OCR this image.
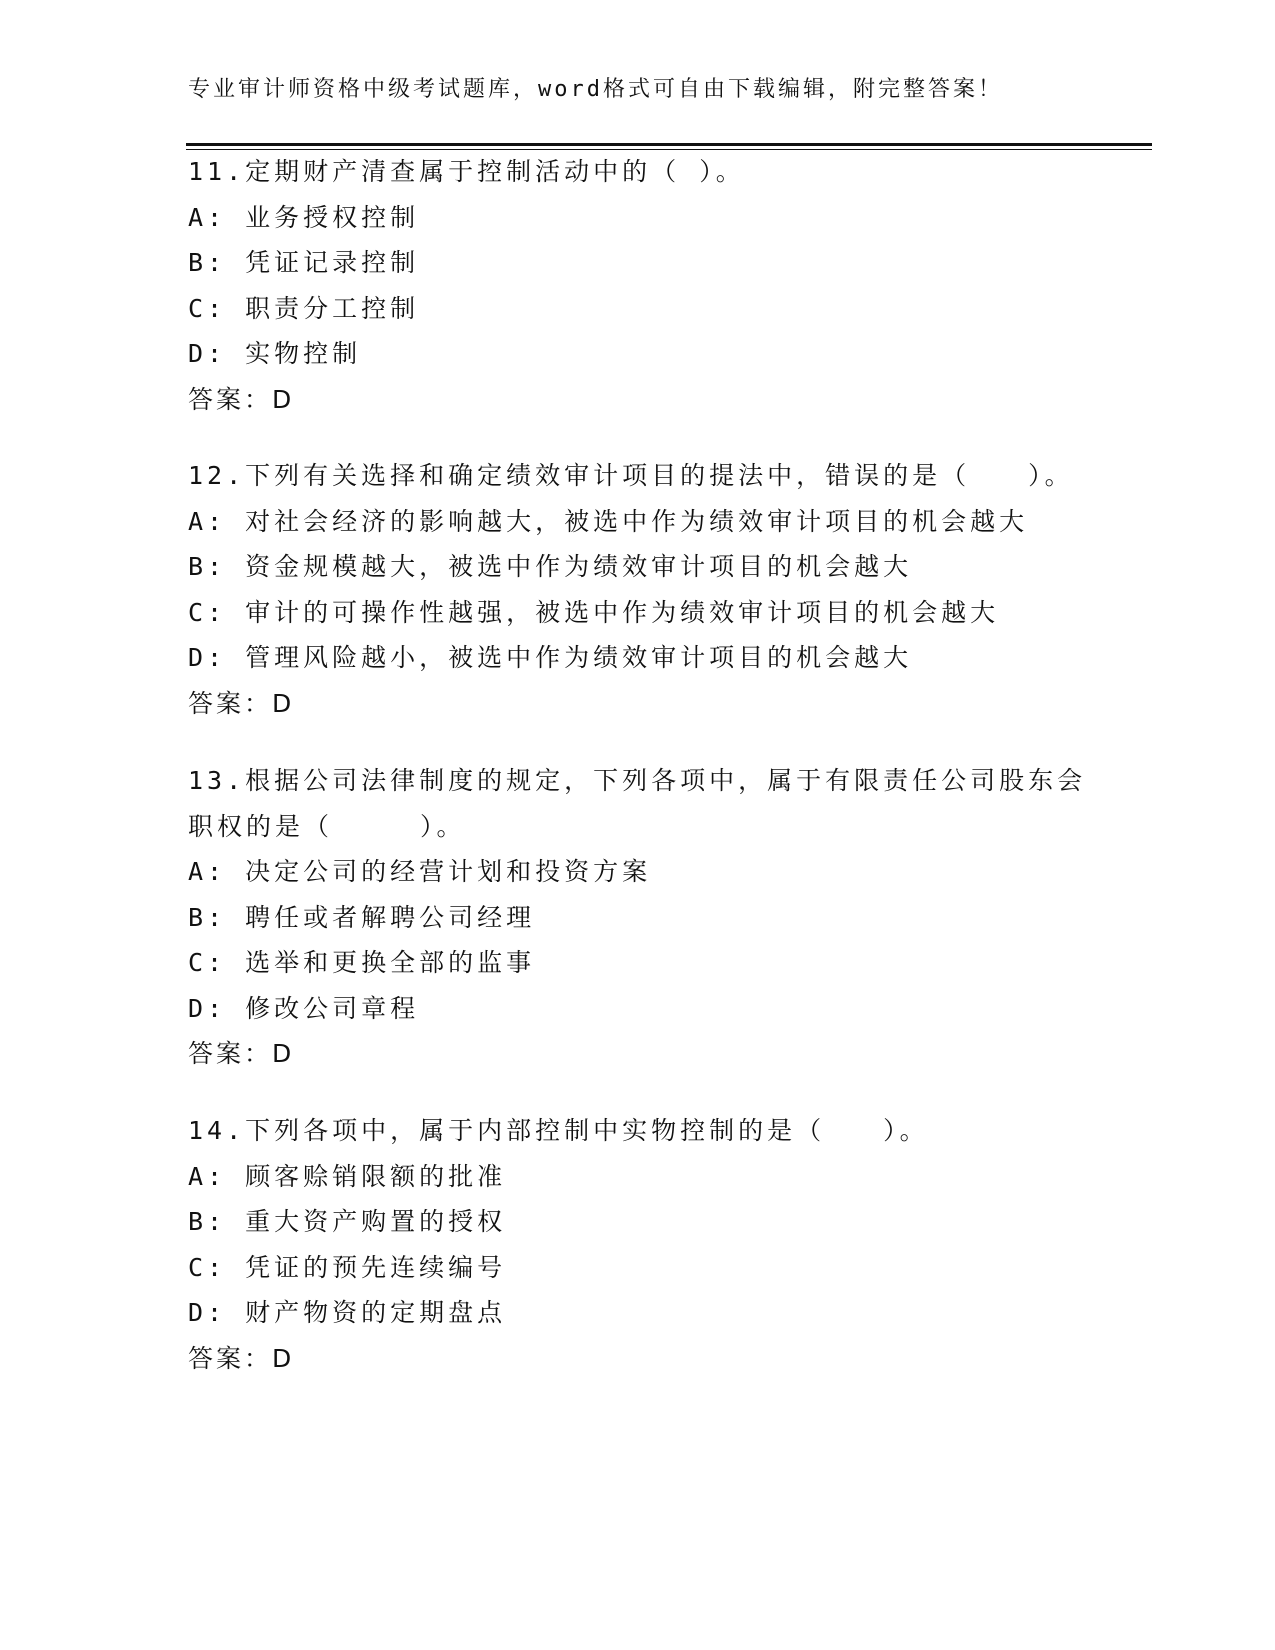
专业审计师资格中级考试题库，word格式可自由下载编辑，附完整答案！
11.定期财产清查属于控制活动中的（ ）。
A: 业务授权控制
B: 凭证记录控制
C: 职责分工控制
D: 实物控制
答案：D
12.下列有关选择和确定绩效审计项目的提法中，错误的是（　　）。
A: 对社会经济的影响越大，被选中作为绩效审计项目的机会越大
B: 资金规模越大，被选中作为绩效审计项目的机会越大
C: 审计的可操作性越强，被选中作为绩效审计项目的机会越大
D: 管理风险越小，被选中作为绩效审计项目的机会越大
答案：D
13.根据公司法律制度的规定，下列各项中，属于有限责任公司股东会
职权的是（　　　）。
A: 决定公司的经营计划和投资方案
B: 聘任或者解聘公司经理
C: 选举和更换全部的监事
D: 修改公司章程
答案：D
14.下列各项中，属于内部控制中实物控制的是（　　）。
A: 顾客赊销限额的批准
B: 重大资产购置的授权
C: 凭证的预先连续编号
D: 财产物资的定期盘点
答案：D
